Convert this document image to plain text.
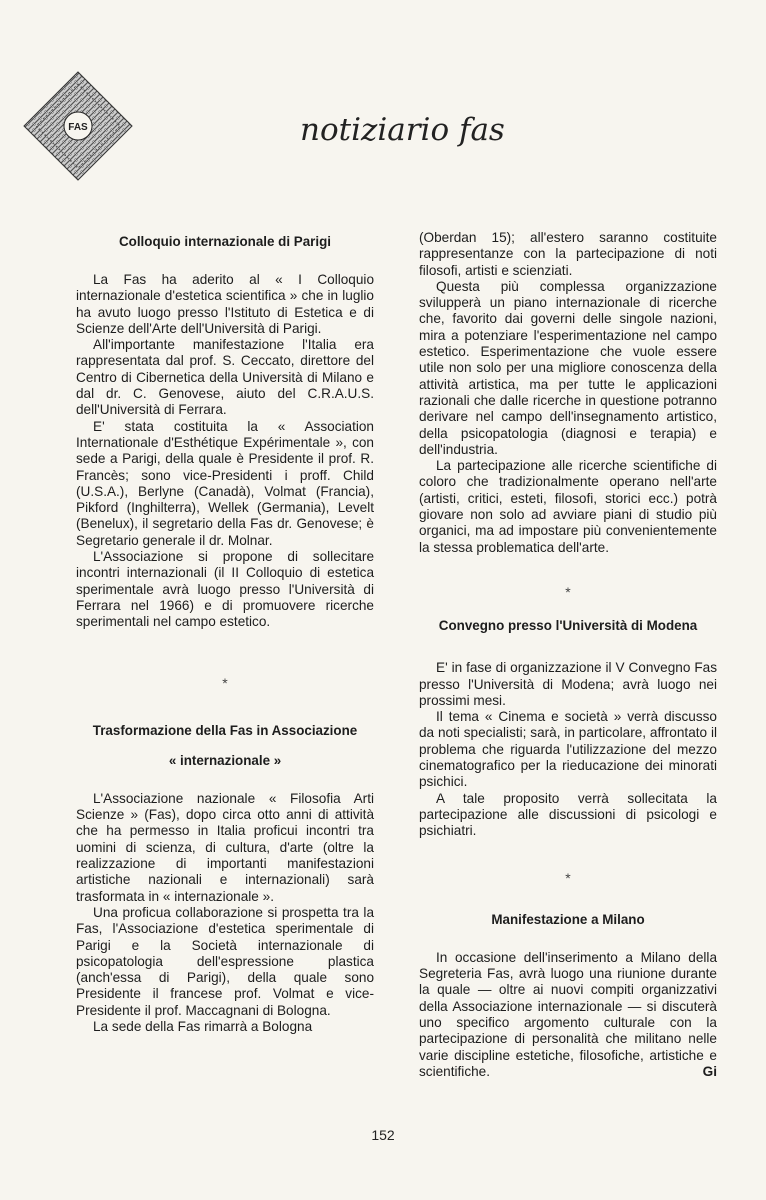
FAS	notiziario fas
Colloquio internazionale di Parigi

La Fas ha aderito al « I Colloquio internazionale d'estetica scientifica » che in luglio ha avuto luogo presso l'Istituto di Estetica e di Scienze dell'Arte dell'Università di Parigi.

All'importante manifestazione l'Italia era rappresentata dal prof. S. Ceccato, direttore del Centro di Cibernetica della Università di Milano e dal dr. C. Genovese, aiuto del C.R.A.U.S. dell'Università di Ferrara.

E' stata costituita la « Association Internationale d'Esthétique Expérimentale », con sede a Parigi, della quale è Presidente il prof. R. Francès; sono vice-Presidenti i proff. Child (U.S.A.), Berlyne (Canadà), Volmat (Francia), Pikford (Inghilterra), Wellek (Germania), Levelt (Benelux), il segretario della Fas dr. Genovese; è Segretario generale il dr. Molnar.

L'Associazione si propone di sollecitare incontri internazionali (il II Colloquio di estetica sperimentale avrà luogo presso l'Università di Ferrara nel 1966) e di promuovere ricerche sperimentali nel campo estetico.

*
Trasformazione della Fas in Associazione
« internazionale »

L'Associazione nazionale « Filosofia Arti Scienze » (Fas), dopo circa otto anni di attività che ha permesso in Italia proficui incontri tra uomini di scienza, di cultura, d'arte (oltre la realizzazione di importanti manifestazioni artistiche nazionali e internazionali) sarà trasformata in « internazionale ».

Una proficua collaborazione si prospetta tra la Fas, l'Associazione d'estetica sperimentale di Parigi e la Società internazionale di psicopatologia dell'espressione plastica (anch'essa di Parigi), della quale sono Presidente il francese prof. Volmat e vice-Presidente il prof. Maccagnani di Bologna.

La sede della Fas rimarrà a Bologna

(Oberdan 15); all'estero saranno costituite rappresentanze con la partecipazione di noti filosofi, artisti e scienziati.

Questa più complessa organizzazione svilupperà un piano internazionale di ricerche che, favorito dai governi delle singole nazioni, mira a potenziare l'esperimentazione nel campo estetico. Esperimentazione che vuole essere utile non solo per una migliore conoscenza della attività artistica, ma per tutte le applicazioni razionali che dalle ricerche in questione potranno derivare nel campo dell'insegnamento artistico, della psicopatologia (diagnosi e terapia) e dell'industria.

La partecipazione alle ricerche scientifiche di coloro che tradizionalmente operano nell'arte (artisti, critici, esteti, filosofi, storici ecc.) potrà giovare non solo ad avviare piani di studio più organici, ma ad impostare più convenientemente la stessa problematica dell'arte.

*
Convegno presso l'Università di Modena

E' in fase di organizzazione il V Convegno Fas presso l'Università di Modena; avrà luogo nei prossimi mesi.

Il tema « Cinema e società » verrà discusso da noti specialisti; sarà, in particolare, affrontato il problema che riguarda l'utilizzazione del mezzo cinematografico per la rieducazione dei minorati psichici.

A tale proposito verrà sollecitata la partecipazione alle discussioni di psicologi e psichiatri.

*
Manifestazione a Milano

In occasione dell'inserimento a Milano della Segreteria Fas, avrà luogo una riunione durante la quale — oltre ai nuovi compiti organizzativi della Associazione internazionale — si discuterà uno specifico argomento culturale con la partecipazione di personalità che militano nelle varie discipline estetiche, filosofiche, artistiche e scientifiche.	Gi

152
